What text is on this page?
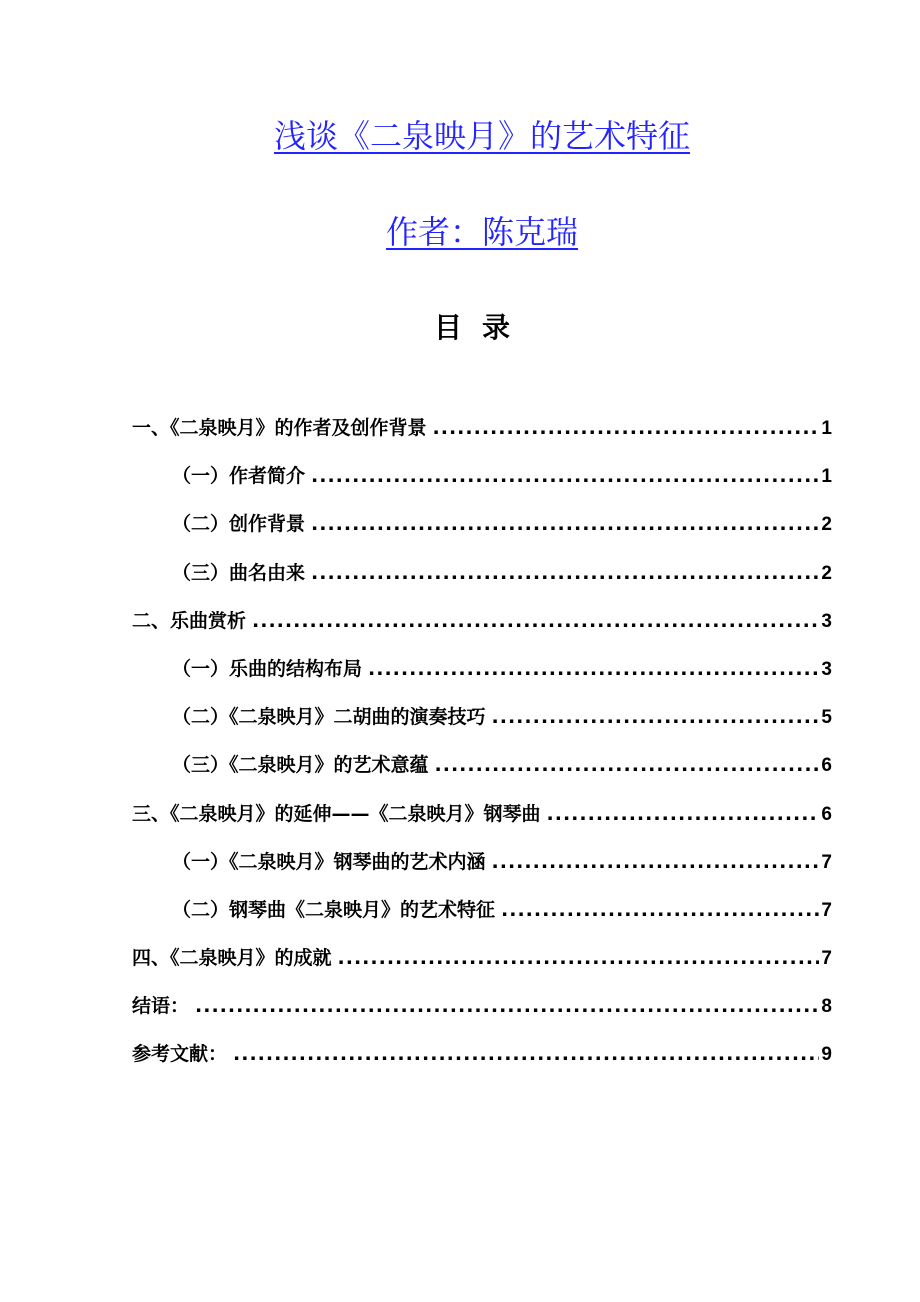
浅谈《二泉映月》的艺术特征
作者：陈克瑞
目录
一、《二泉映月》的作者及创作背景 .....	1
（一）作者简介 .....	1
（二）创作背景 .....	2
（三）曲名由来 .....	2
二、乐曲赏析 .....	3
（一）乐曲的结构布局 .....	3
（二）《二泉映月》二胡曲的演奏技巧 .....	5
（三）《二泉映月》的艺术意蕴 .....	6
三、《二泉映月》的延伸——《二泉映月》钢琴曲 .....	6
（一）《二泉映月》钢琴曲的艺术内涵 .....	7
（二）钢琴曲《二泉映月》的艺术特征 .....	7
四、《二泉映月》的成就 .....	7
结语： .....	8
参考文献： .....	9
